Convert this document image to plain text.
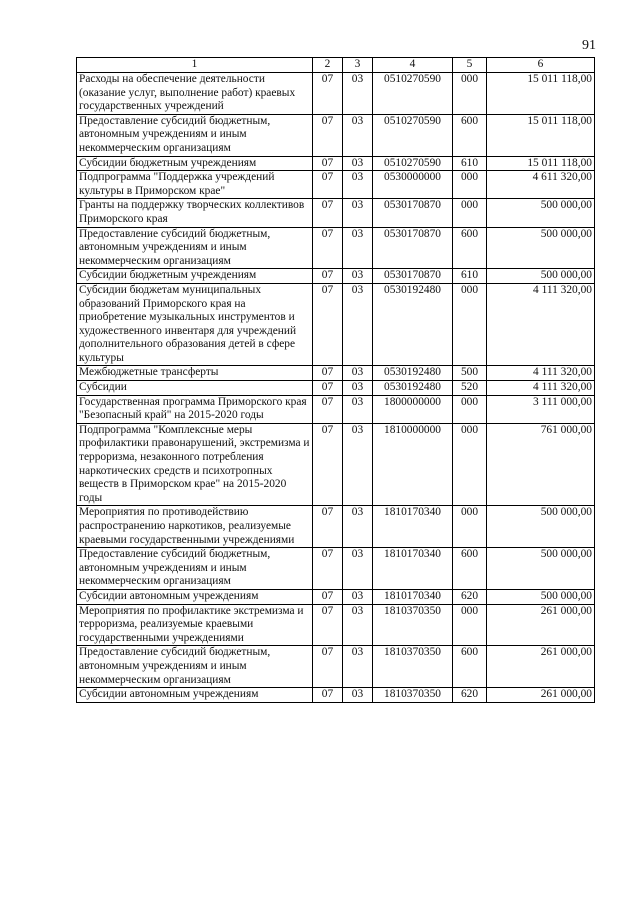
91
1	2	3	4	5	6
Расходы на обеспечение деятельности (оказание услуг, выполнение работ) краевых государственных учреждений	07	03	0510270590	000	15 011 118,00
Предоставление субсидий бюджетным, автономным учреждениям и иным некоммерческим организациям	07	03	0510270590	600	15 011 118,00
Субсидии бюджетным учреждениям	07	03	0510270590	610	15 011 118,00
Подпрограмма "Поддержка учреждений культуры в Приморском крае"	07	03	0530000000	000	4 611 320,00
Гранты на поддержку творческих коллективов Приморского края	07	03	0530170870	000	500 000,00
Предоставление субсидий бюджетным, автономным учреждениям и иным некоммерческим организациям	07	03	0530170870	600	500 000,00
Субсидии бюджетным учреждениям	07	03	0530170870	610	500 000,00
Субсидии бюджетам муниципальных образований Приморского края на приобретение музыкальных инструментов и художественного инвентаря для учреждений дополнительного образования детей в сфере культуры	07	03	0530192480	000	4 111 320,00
Межбюджетные трансферты	07	03	0530192480	500	4 111 320,00
Субсидии	07	03	0530192480	520	4 111 320,00
Государственная программа Приморского края "Безопасный край" на 2015-2020 годы	07	03	1800000000	000	3 111 000,00
Подпрограмма "Комплексные меры профилактики правонарушений, экстремизма и терроризма, незаконного потребления наркотических средств и психотропных веществ в Приморском крае" на 2015-2020 годы	07	03	1810000000	000	761 000,00
Мероприятия по противодействию распространению наркотиков, реализуемые краевыми государственными учреждениями	07	03	1810170340	000	500 000,00
Предоставление субсидий бюджетным, автономным учреждениям и иным некоммерческим организациям	07	03	1810170340	600	500 000,00
Субсидии автономным учреждениям	07	03	1810170340	620	500 000,00
Мероприятия по профилактике экстремизма и терроризма, реализуемые краевыми государственными учреждениями	07	03	1810370350	000	261 000,00
Предоставление субсидий бюджетным, автономным учреждениям и иным некоммерческим организациям	07	03	1810370350	600	261 000,00
Субсидии автономным учреждениям	07	03	1810370350	620	261 000,00
